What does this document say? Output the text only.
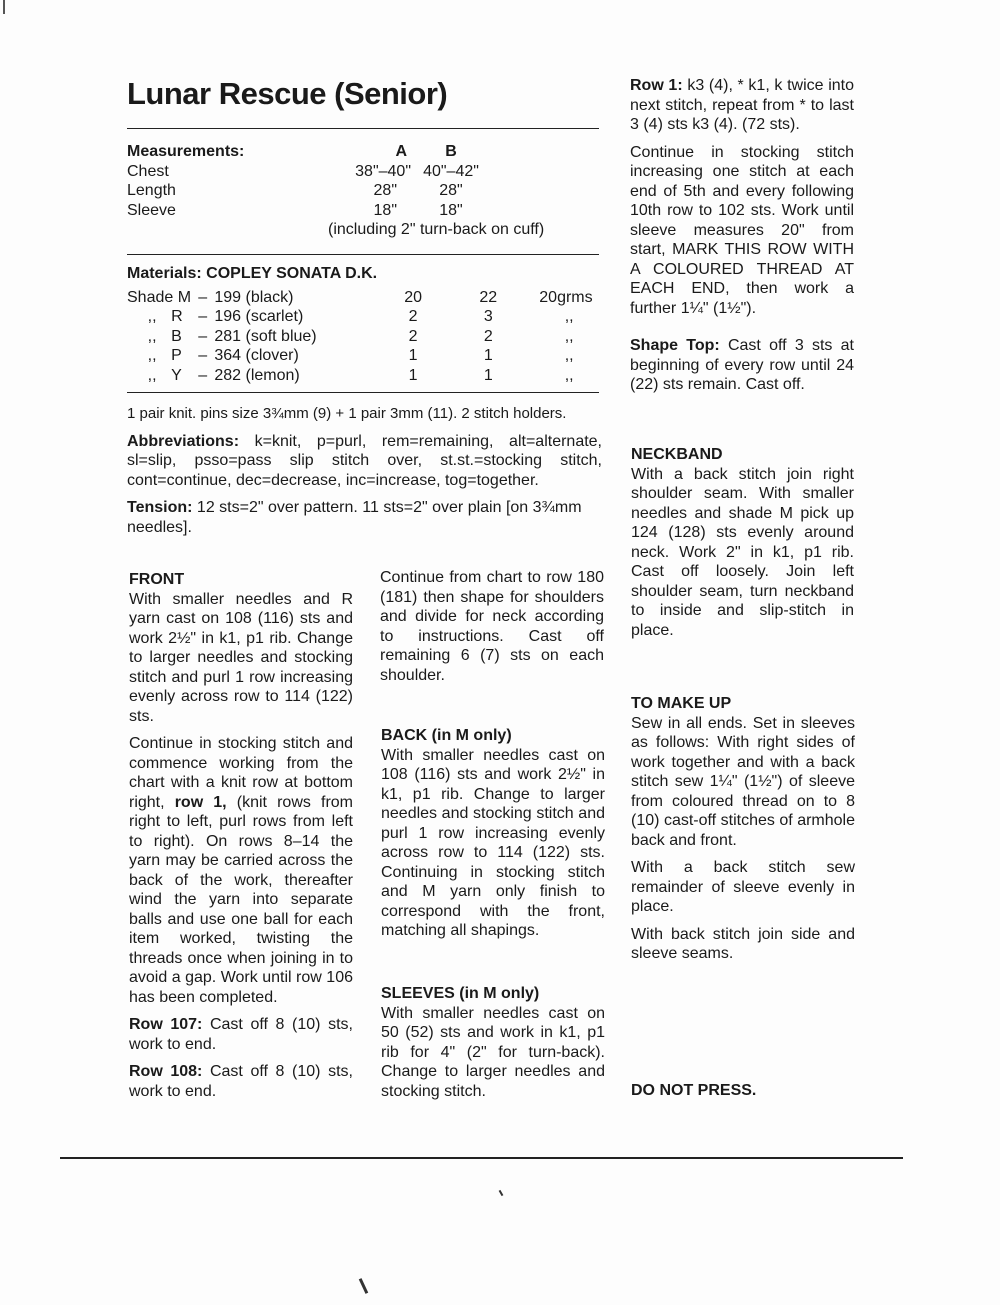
Lunar Rescue (Senior)
Measurements:	A	B	
Chest	38"–40"	40"–42"	
Length	28"	28"	
Sleeve	18"	18"	
(including 2" turn-back on cuff)
Materials: COPLEY SONATA D.K.
Shade M		–	199 (black)	20	22	20grms
,,	R	–	196 (scarlet)	2	3	,,
,,	B	–	281 (soft blue)	2	2	,,
,,	P	–	364 (clover)	1	1	,,
,,	Y	–	282 (lemon)	1	1	,,

1 pair knit. pins size 3¾mm (9) + 1 pair 3mm (11). 2 stitch holders.

Abbreviations: k=knit, p=purl, rem=remaining, alt=alternate, sl=slip, psso=pass slip stitch over, st.st.=stocking stitch, cont=continue, dec=decrease, inc=increase, tog=together.

Tension: 12 sts=2" over pattern. 11 sts=2" over plain [on 3¾mm needles].

FRONT

With smaller needles and R yarn cast on 108 (116) sts and work 2½" in k1, p1 rib. Change to larger needles and stocking stitch and purl 1 row increasing evenly across row to 114 (122) sts.

Continue in stocking stitch and commence working from the chart with a knit row at bottom right, row 1, (knit rows from right to left, purl rows from left to right). On rows 8–14 the yarn may be carried across the back of the work, thereafter wind the yarn into separate balls and use one ball for each item worked, twisting the threads once when joining in to avoid a gap. Work until row 106 has been completed.

Row 107: Cast off 8 (10) sts, work to end.

Row 108: Cast off 8 (10) sts, work to end.

Continue from chart to row 180 (181) then shape for shoulders and divide for neck according to instructions. Cast off remaining 6 (7) sts on each shoulder.

BACK (in M only)

With smaller needles cast on 108 (116) sts and work 2½" in k1, p1 rib. Change to larger needles and stocking stitch and purl 1 row increasing evenly across row to 114 (122) sts. Continuing in stocking stitch and M yarn only finish to correspond with the front, matching all shapings.

SLEEVES (in M only)

With smaller needles cast on 50 (52) sts and work in k1, p1 rib for 4" (2" for turn-back). Change to larger needles and stocking stitch.

Row 1: k3 (4), * k1, k twice into next stitch, repeat from * to last 3 (4) sts k3 (4). (72 sts).

Continue in stocking stitch increasing one stitch at each end of 5th and every following 10th row to 102 sts. Work until sleeve measures 20" from start, MARK THIS ROW WITH A COLOURED THREAD AT EACH END, then work a further 1¼" (1½").

Shape Top: Cast off 3 sts at beginning of every row until 24 (22) sts remain. Cast off.

NECKBAND

With a back stitch join right shoulder seam. With smaller needles and shade M pick up 124 (128) sts evenly around neck. Work 2" in k1, p1 rib. Cast off loosely. Join left shoulder seam, turn neckband to inside and slip-stitch in place.

TO MAKE UP

Sew in all ends. Set in sleeves as follows: With right sides of work together and with a back stitch sew 1¼" (1½") of sleeve from coloured thread on to 8 (10) cast-off stitches of armhole back and front.

With a back stitch sew remainder of sleeve evenly in place.

With back stitch join side and sleeve seams.

DO NOT PRESS.
